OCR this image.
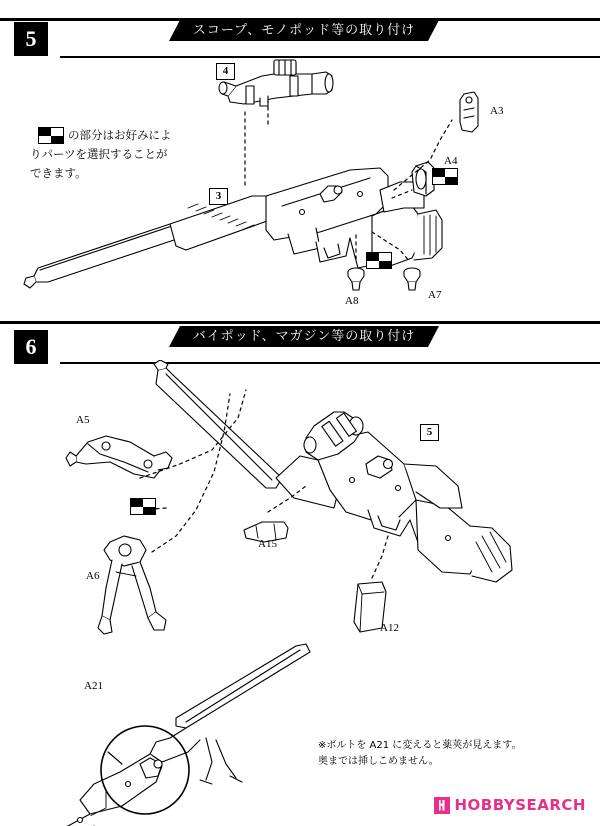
5	スコープ、モノポッド等の取り付け
4
3
A3
A4
A7
A8
の部分はお好みによ
りパーツを選択することが
できます。
6	バイポッド、マガジン等の取り付け
5
A5
A6
A15
A12
A21
※ボルトを A21 に変えると薬莢が見えます。
奥までは挿しこめません。
HOBBYSEARCH
